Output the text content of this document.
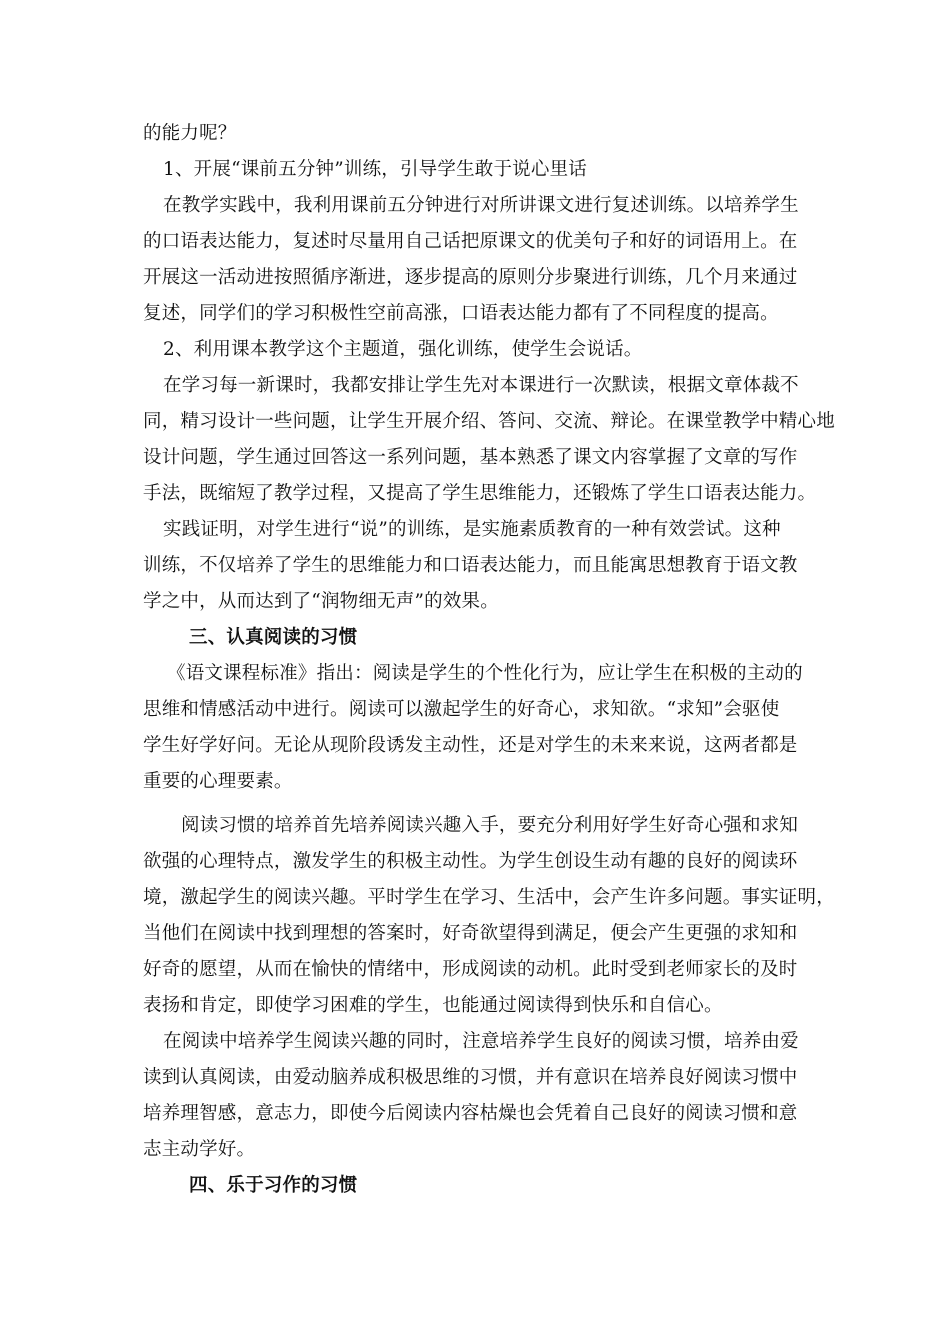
的能力呢？
1、开展“课前五分钟”训练，引导学生敢于说心里话
在教学实践中，我利用课前五分钟进行对所讲课文进行复述训练。以培养学生
的口语表达能力，复述时尽量用自己话把原课文的优美句子和好的词语用上。在
开展这一活动进按照循序渐进，逐步提高的原则分步聚进行训练，几个月来通过
复述，同学们的学习积极性空前高涨，口语表达能力都有了不同程度的提高。
2、利用课本教学这个主题道，强化训练，使学生会说话。
在学习每一新课时，我都安排让学生先对本课进行一次默读，根据文章体裁不
同，精习设计一些问题，让学生开展介绍、答问、交流、辩论。在课堂教学中精心地
设计问题，学生通过回答这一系列问题，基本熟悉了课文内容掌握了文章的写作
手法，既缩短了教学过程，又提高了学生思维能力，还锻炼了学生口语表达能力。
实践证明，对学生进行“说”的训练，是实施素质教育的一种有效尝试。这种
训练，不仅培养了学生的思维能力和口语表达能力，而且能寓思想教育于语文教
学之中，从而达到了“润物细无声”的效果。
三、认真阅读的习惯
《语文课程标准》指出：阅读是学生的个性化行为，应让学生在积极的主动的
思维和情感活动中进行。阅读可以激起学生的好奇心，求知欲。“求知”会驱使
学生好学好问。无论从现阶段诱发主动性，还是对学生的未来来说，这两者都是
重要的心理要素。
阅读习惯的培养首先培养阅读兴趣入手，要充分利用好学生好奇心强和求知
欲强的心理特点，激发学生的积极主动性。为学生创设生动有趣的良好的阅读环
境，激起学生的阅读兴趣。平时学生在学习、生活中，会产生许多问题。事实证明，
当他们在阅读中找到理想的答案时，好奇欲望得到满足，便会产生更强的求知和
好奇的愿望，从而在愉快的情绪中，形成阅读的动机。此时受到老师家长的及时
表扬和肯定，即使学习困难的学生，也能通过阅读得到快乐和自信心。
在阅读中培养学生阅读兴趣的同时，注意培养学生良好的阅读习惯，培养由爱
读到认真阅读，由爱动脑养成积极思维的习惯，并有意识在培养良好阅读习惯中
培养理智感，意志力，即使今后阅读内容枯燥也会凭着自己良好的阅读习惯和意
志主动学好。
四、乐于习作的习惯
